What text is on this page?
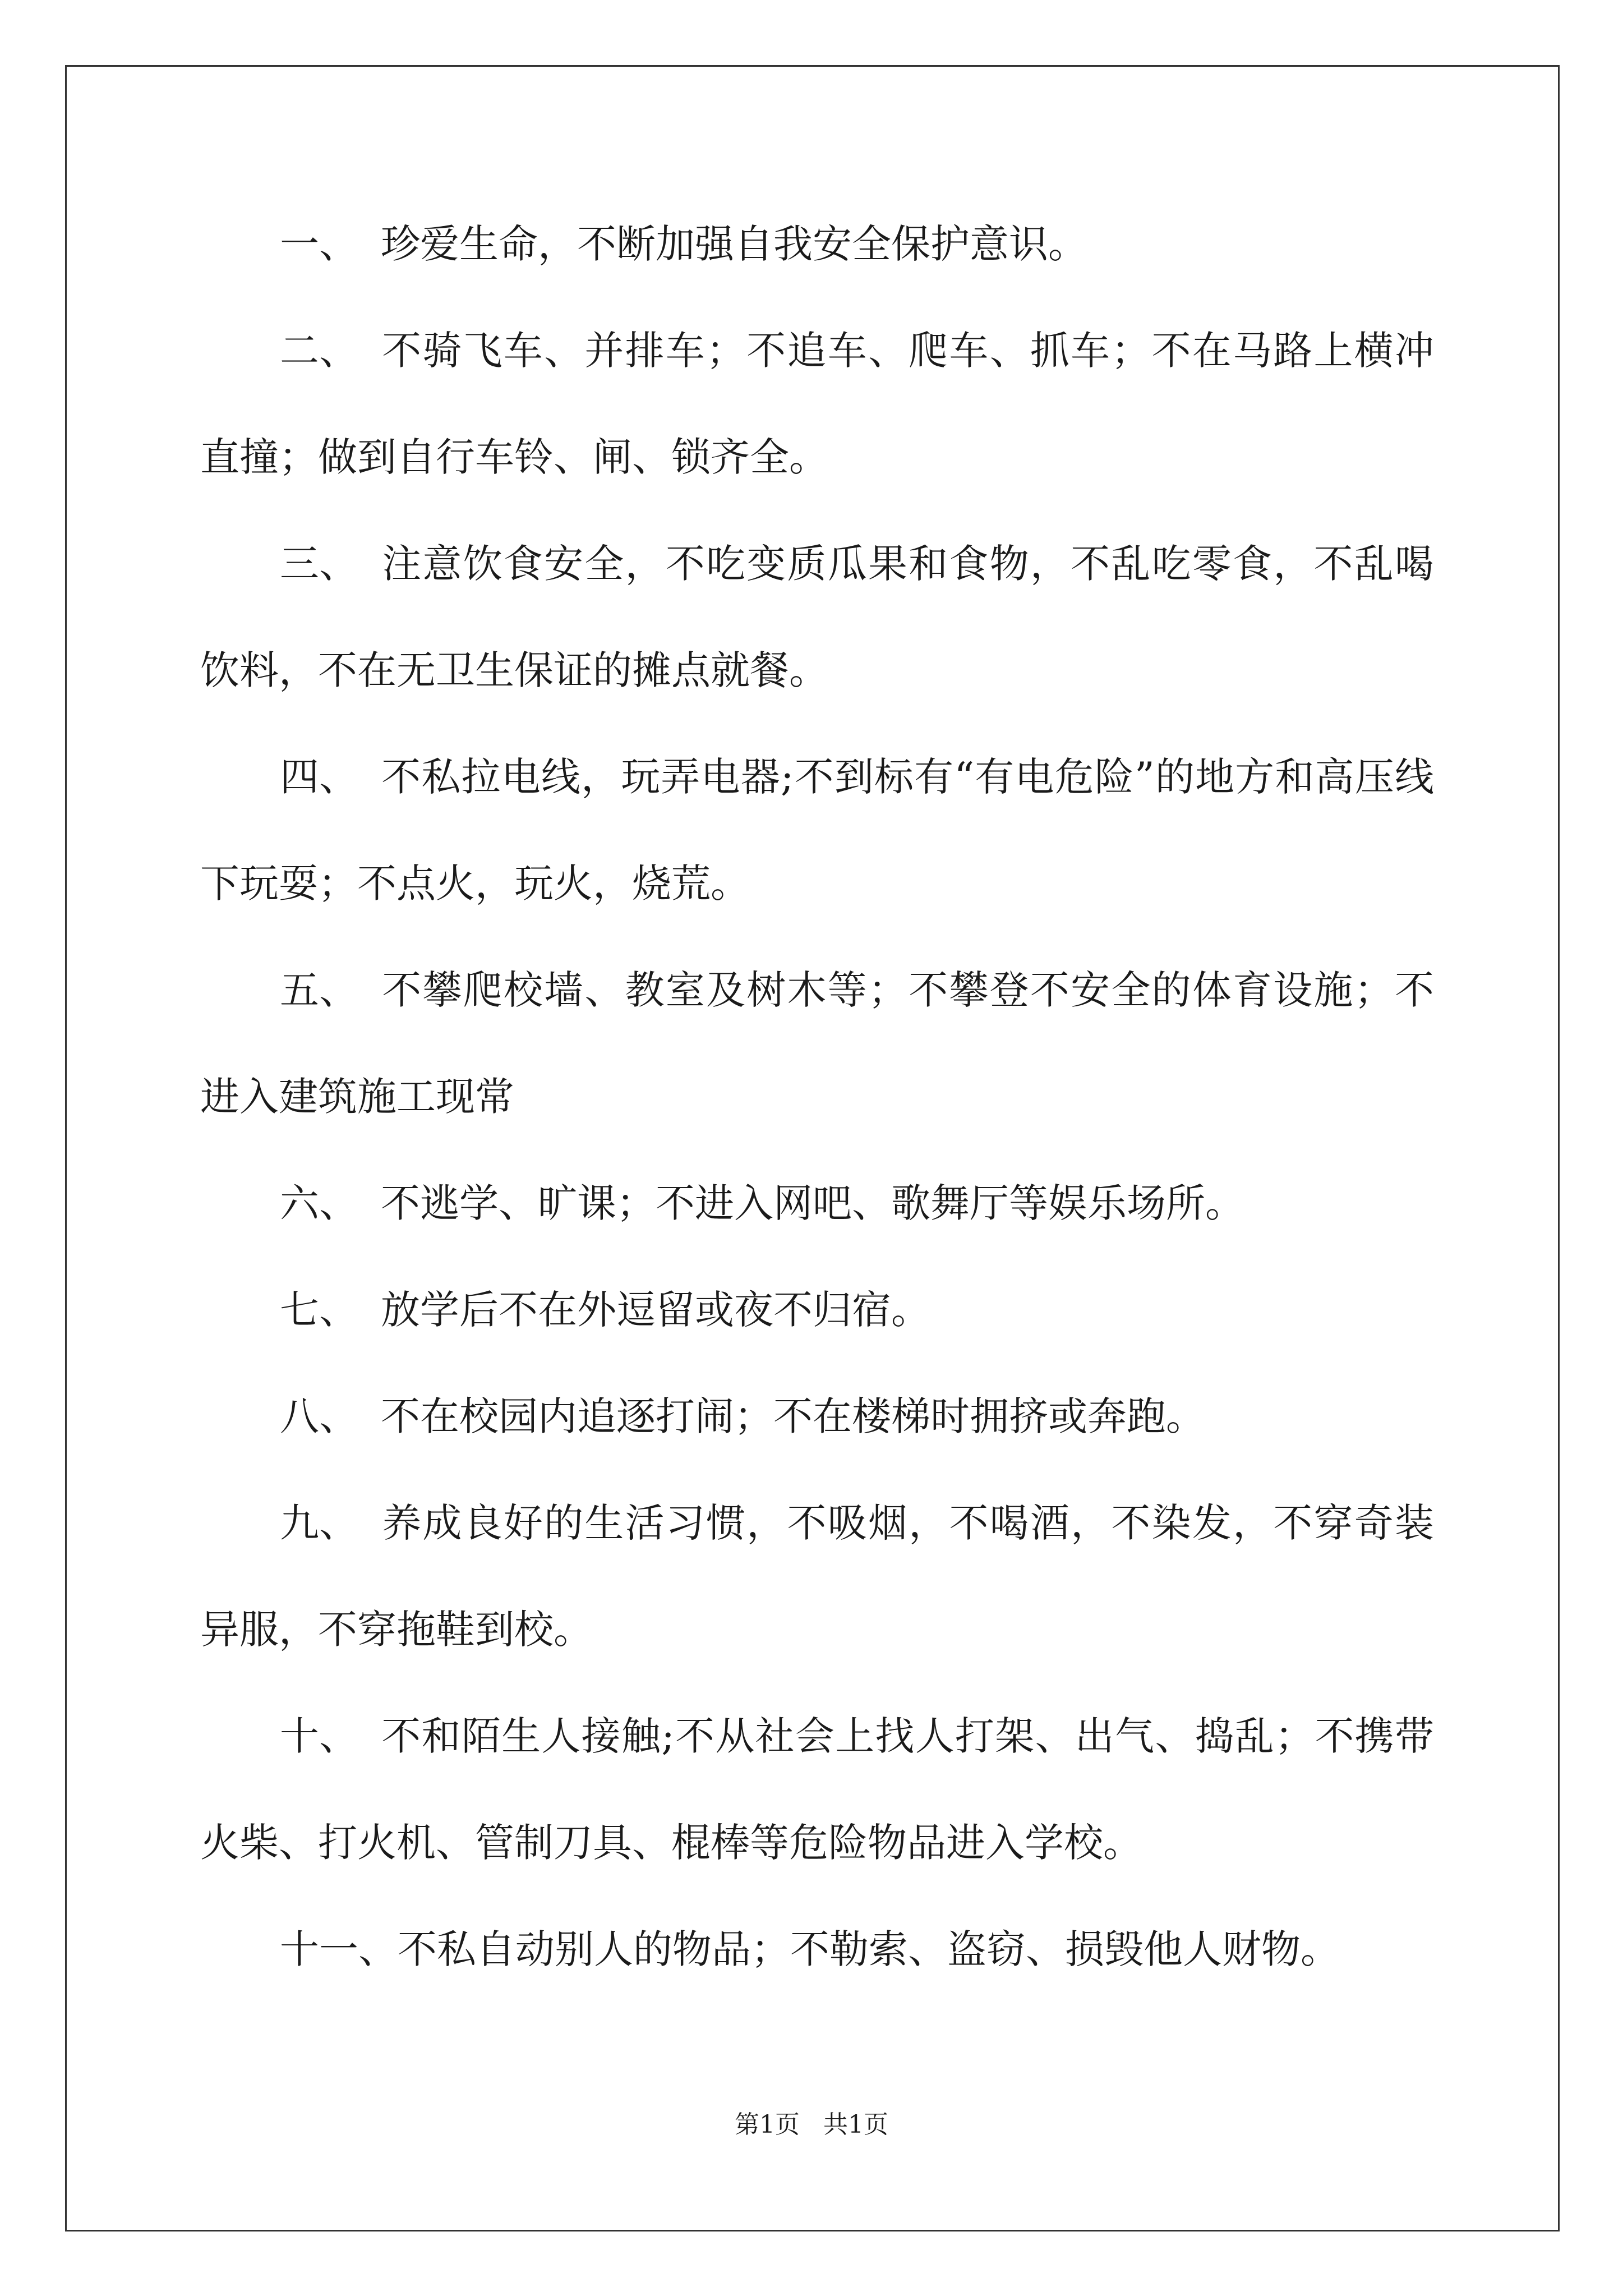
一、 珍爱生命，不断加强自我安全保护意识。

二、 不骑飞车、并排车；不追车、爬车、抓车；不在马路上横冲直撞；做到自行车铃、闸、锁齐全。

三、 注意饮食安全，不吃变质瓜果和食物，不乱吃零食，不乱喝饮料，不在无卫生保证的摊点就餐。

四、 不私拉电线，玩弄电器;不到标有“有电危险”的地方和高压线下玩耍；不点火，玩火，烧荒。

五、 不攀爬校墙、教室及树木等；不攀登不安全的体育设施；不进入建筑施工现常

六、 不逃学、旷课；不进入网吧、歌舞厅等娱乐场所。

七、 放学后不在外逗留或夜不归宿。

八、 不在校园内追逐打闹；不在楼梯时拥挤或奔跑。

九、 养成良好的生活习惯，不吸烟，不喝酒，不染发，不穿奇装异服，不穿拖鞋到校。

十、 不和陌生人接触;不从社会上找人打架、出气、捣乱；不携带火柴、打火机、管制刀具、棍棒等危险物品进入学校。

十一、不私自动别人的物品；不勒索、盗窃、损毁他人财物。

第1页 共1页
